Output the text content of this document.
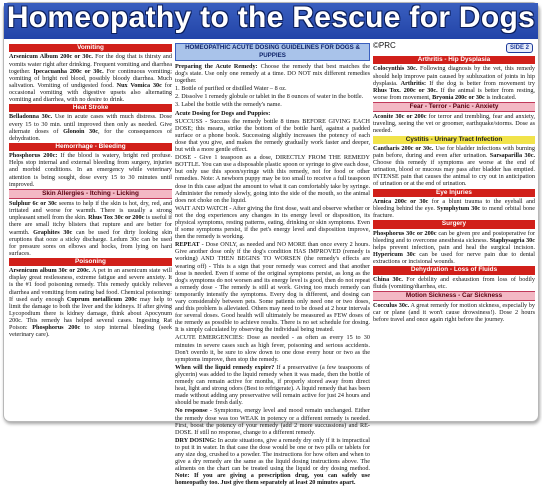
Homeopathy to the Rescue for Dogs
Vomiting

Arsenicum Album 200c or 30c. For the dog that is thirsty and vomits water right after drinking. Frequent vomiting and diarrhea together. Ipecacuanha 200c or 30c. For continuous vomiting; vomiting of bright red blood, possibly bloody diarrhea. Much salivation. Vomiting of undigested food. Nux Vomica 30c for occasional vomiting with digestive upsets also alternating vomiting and diarrhea, with no desire to drink.

Heat Stroke

Belladonna 30c. Use in acute cases with much distress. Dose every 15 to 30 min. until improved then only as needed. Give alternate doses of Glonoin 30c, for the consequences of dehydration.

Hemorrhage - Bleeding

Phosphorus 200c: If the blood is watery, bright red profuse. Helps stop internal and external bleeding from surgery, injuries and morbid conditions. In an emergency while veterinary attention is being sought, dose every 15 to 30 minutes until improved.

Skin Allergies - Itching - Licking

Sulphur 6c or 30c seems to help if the skin is hot, dry, red, and irritated and worse for warmth. There is usually a strong unpleasant smell from the skin. Rhus Tox 30c or 200c is useful if there are small itchy blisters that rupture and are better for warmth. Graphites 30c can be used for dirty looking skin eruptions that ooze a sticky discharge. Ledum 30c can be used for pressure sores on elbows and hocks, from lying on hard surfaces.

Poisoning

Arsenicum album 30c or 200c. A pet in an arsenicum state will display great restlessness, extreme fatigue and severe anxiety. It is the #1 food poisoning remedy. This remedy quickly relieves diarrhea and vomiting from eating bad food. Chemical poisoning: If used early enough Cuprum metallicum 200c may help to limit the damage to both the liver and the kidneys. If after giving Lycopodium there is kidney damage, think about Apocynum 200c. This remedy has helped several cases. Ingesting Rat Poison: Phosphorus 200c to stop internal bleeding (seek veterinary care).

HOMEOPATHIC ACUTE DOSING GUIDELINES FOR DOGS & PUPPIES

Preparing the Acute Remedy: Choose the remedy that best matches the dog's state. Use only one remedy at a time. DO NOT mix different remedies together.

1. Bottle of purified or distilled Water – 8 oz.

2. Dissolve 1 remedy globule or tablet in the 8 ounces of water in the bottle.

3. Label the bottle with the remedy's name.

Acute Dosing for Dogs and Puppies:

SUCCUSS - Succuss the remedy bottle 8 times BEFORE GIVING EACH DOSE; this means, strike the bottom of the bottle hard, against a padded surface or a phone book. Successing slightly increases the potency of each dose that you give, and makes the remedy gradually work faster and deeper, but with a more gentle effect.

DOSE - Give 1 teaspoon as a dose, DIRECTLY FROM THE REMEDY BOTTLE. You can use a disposable plastic spoon or syringe to give each dose, but only use this spoon/syringe with this remedy, not for food or other remedies. Note: A newborn puppy may be too small to receive a full teaspoon dose in this case adjust the amount to what it can comfortably take by syringe. Administer the remedy slowly, going into the side of the mouth, so the animal does not choke on the liquid.

WAIT AND WATCH - After giving the first dose, wait and observe whether or not the dog experiences any changes in its energy level or disposition, its physical symptoms, resting patterns, eating, drinking or skin symptoms. Even if some symptoms persist, if the pet's energy level and disposition improve, then the remedy is working.

REPEAT - Dose ONLY, as needed and NO MORE than once every 2 hours. Give another dose only if the dog's condition HAS IMPROVED (remedy is working) AND THEN BEGINS TO WORSEN (the remedy's effects are wearing off) - This is a sign that your remedy was correct and that another dose is needed. Even if some of the original symptoms persist, as long as the dog's symptoms do not worsen and its energy level is good, then do not repeat a remedy dose - The remedy is still at work. Giving too much remedy can temporarily intensify the symptoms. Every dog is different, and dosing can vary considerably between pets. Some patients only need one or two doses, and this problem is alleviated. Others may need to be dosed at 2 hour intervals for several doses. Good health will ultimately be measured as FEW doses of the remedy as possible to achieve results. There is no set schedule for dosing. It is simply calculated by observing the individual being treated.

ACUTE EMERGENCIES: Dose as needed - as often as every 15 to 30 minutes in severe cases such as high fever, poisoning and serious accidents. Don't overdo it, be sure to slow down to one dose every hour or two as the symptoms improve, then stop the remedy.

When will the liquid remedy expire? If a preservative (a few teaspoons of glycerin) was added to the liquid remedy when it was made, then the bottle of remedy can remain active for months, if properly stored away from direct heat, light and strong odors (Best to refrigerate). A liquid remedy that has been made without adding any preservative will remain active for just 24 hours and should be made fresh daily.

No response - Symptoms, energy level and mood remain unchanged. Either the remedy dose was too WEAK in potency or a different remedy is needed. First, boost the potency of your remedy (add 2 more succussions) and RE-DOSE. If still no response, change to a different remedy.

DRY DOSING: In acute situations, give a remedy dry only if it is impractical to put it in water. In that case the dose would be one or two pills or tablets for any size dog, crushed to a powder. The instructions for how often and when to give a dry remedy are the same as the liquid dosing instructions above. The ailments on the chart can be treated using the liquid or dry dosing method. Note: If you are giving a prescription drug, you can safely use homeopathy too. Just give them separately at least 20 minutes apart.

©PRC	SIDE 2
Arthritis - Hip Dysplasia

Colocynthis 30c. Following diagnosis by the vet, this remedy should help improve pain caused by subluxation of joints in hip dysplasia. Arthritis: If the dog is better from movement try Rhus Tox. 200c or 30c. If the animal is better from resting, worse from movement, Bryonia 200c or 30c is indicated.

Fear - Terror - Panic - Anxiety

Aconite 30c or 200c for terror and trembling, fear and anxiety, traveling, seeing the vet or groomer, earthquake/storms. Dose as needed.

Cystitis - Urinary Tract Infection

Cantharis 200c or 30c. Use for bladder infections with burning pain before, during and even after urination. Sarsaparilla 30c. Choose this remedy if symptoms are worse at the end of urination, blood or mucous may pass after bladder has emptied. INTENSE pain that causes the animal to cry out in anticipation of urination or at the end of urination.

Eye Injuries

Arnica 200c or 30c for a blunt trauma to the eyeball and bleeding behind the eye. Symphytum 30c to mend orbital bone fracture.

Surgery

Phosphorus 30c or 200c can be given pre and postoperative for bleeding and to overcome anesthesia sickness. Staphysagria 30c helps prevent infection, pain and heal the surgical incision. Hypericum 30c can be used for nerve pain due to dental extractions or incisional wounds.

Dehydration - Loss of Fluids

China 30c. For debility and exhaustion from loss of bodily fluids (vomiting/diarrhea, etc.

Motion Sickness - Car Sickness

Cocculus 30c. A great remedy for motion sickness, especially by car or plane (and it won't cause drowsiness!). Dose 2 hours before travel and once again right before the journey.
